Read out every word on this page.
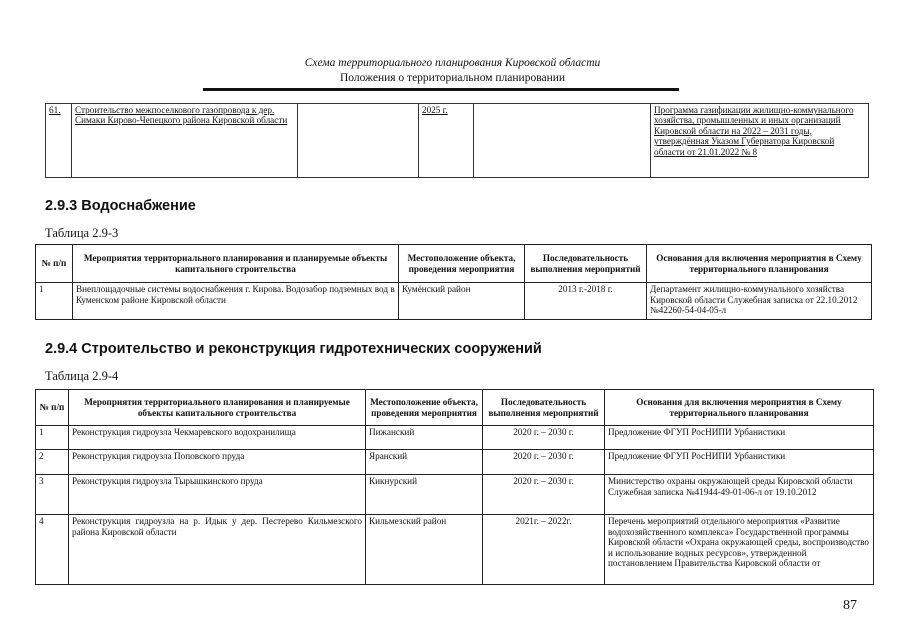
Схема территориального планирования Кировской области
Положения о территориальном планировании
61.	Строительство межпоселкового газопровода к дер. Симаки Кирово-Чепецкого района Кировской области		2025 г.		Программа газификации жилищно-коммунального хозяйства, промышленных и иных организаций Кировской области на 2022 – 2031 годы, утверждённая Указом Губернатора Кировской области от 21.01.2022 № 8
2.9.3 Водоснабжение
Таблица 2.9-3
№ п/п	Мероприятия территориального планирования и планируемые объекты капитального строительства	Местоположение объекта, проведения мероприятия	Последовательность выполнения мероприятий	Основания для включения мероприятия в Схему территориального планирования
1	Внеплощадочные системы водоснабжения г. Кирова. Водозабор подземных вод в Куменском районе Кировской области	Кумёнский район	2013 г.-2018 г.	Департамент жилищно-коммунального хозяйства Кировской области Служебная записка от 22.10.2012 №42260-54-04-05-л
2.9.4 Строительство и реконструкция гидротехнических сооружений
Таблица 2.9-4
№ п/п	Мероприятия территориального планирования и планируемые объекты капитального строительства	Местоположение объекта, проведения мероприятия	Последовательность выполнения мероприятий	Основания для включения мероприятия в Схему территориального планирования
1	Реконструкция гидроузла Чекмаревского водохранилища	Пижанский	2020 г. – 2030 г.	Предложение ФГУП РосНИПИ Урбанистики
2	Реконструкция гидроузла Поповского пруда	Яранский	2020 г. – 2030 г.	Предложение ФГУП РосНИПИ Урбанистики
3	Реконструкция гидроузла Тырышкинского пруда	Кикнурский	2020 г. – 2030 г.	Министерство охраны окружающей среды Кировской области Служебная записка №41944-49-01-06-л от 19.10.2012
4	Реконструкция гидроузла на р. Идык у дер. Пестерево Кильмезского района Кировской области	Кильмезский район	2021г. – 2022г.	Перечень мероприятий отдельного мероприятия «Развитие водохозяйственного комплекса» Государственной программы Кировской области «Охрана окружающей среды, воспроизводство и использование водных ресурсов», утвержденной постановлением Правительства Кировской области от
87
